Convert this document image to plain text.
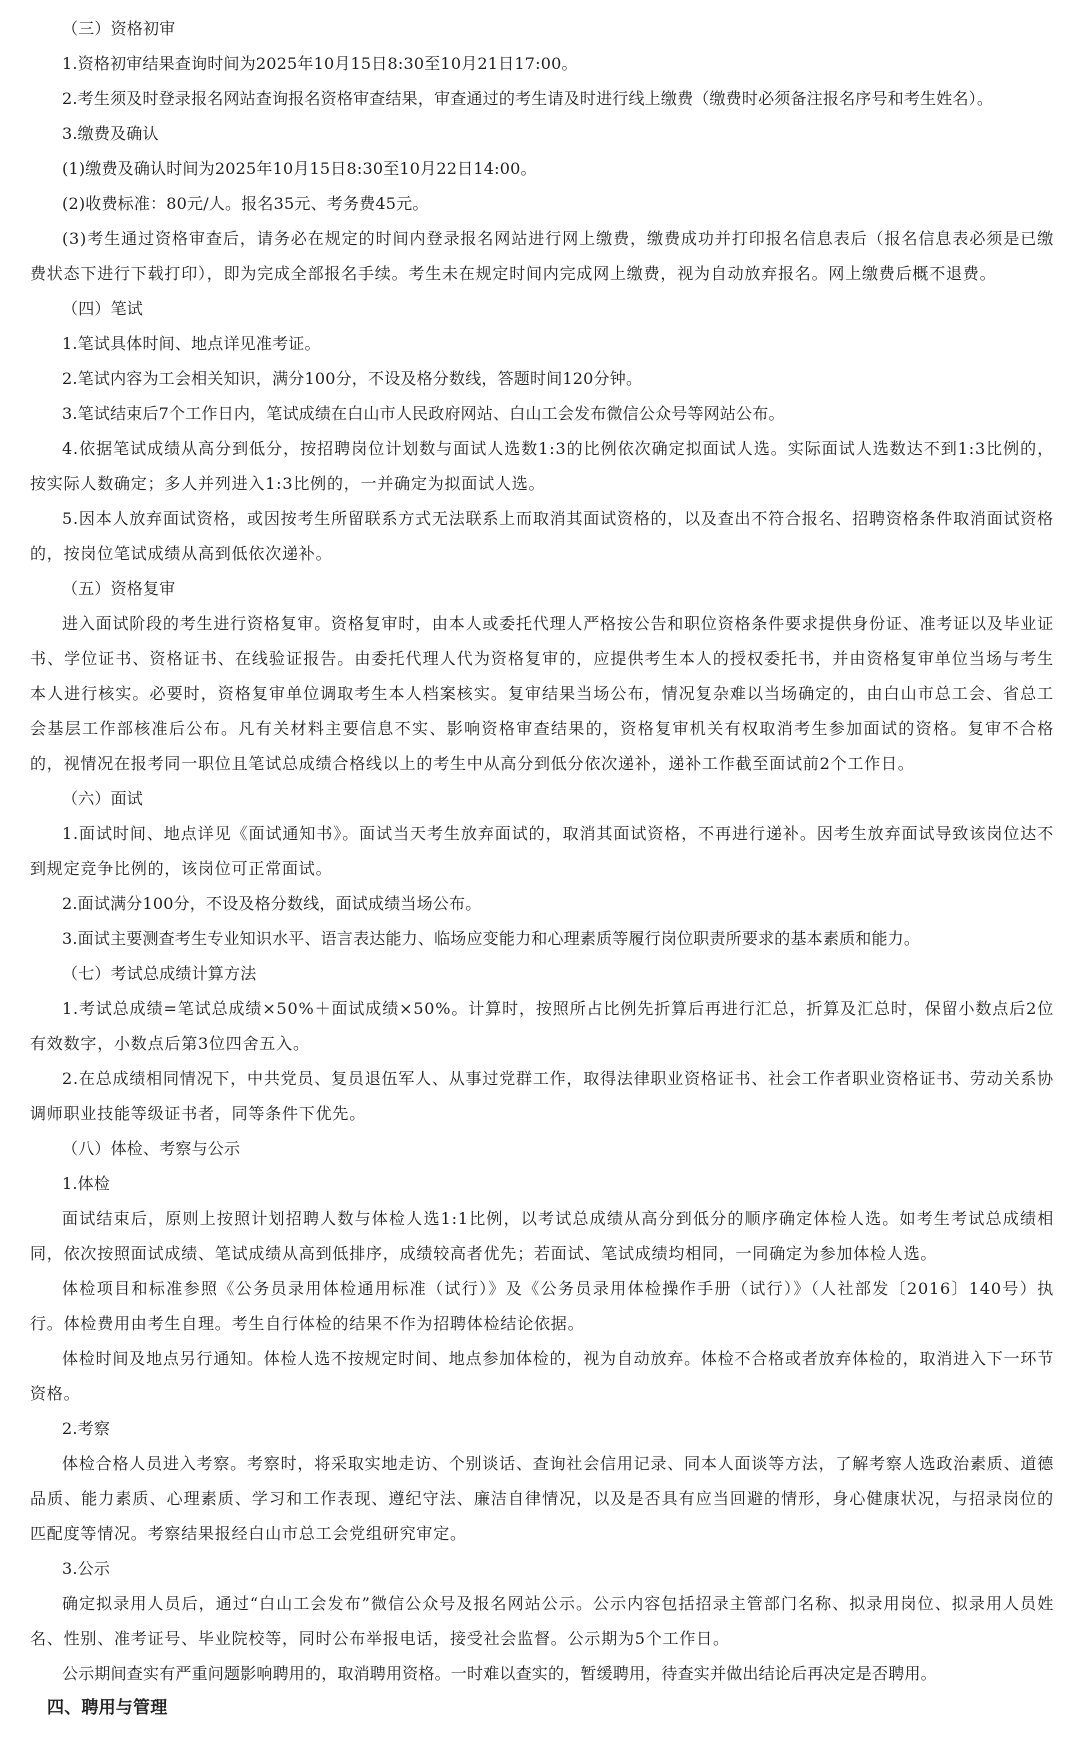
（三）资格初审

1.资格初审结果查询时间为2025年10月15日8:30至10月21日17:00。

2.考生须及时登录报名网站查询报名资格审查结果，审查通过的考生请及时进行线上缴费（缴费时必须备注报名序号和考生姓名）。

3.缴费及确认

(1)缴费及确认时间为2025年10月15日8:30至10月22日14:00。

(2)收费标准：80元/人。报名35元、考务费45元。

(3)考生通过资格审查后，请务必在规定的时间内登录报名网站进行网上缴费，缴费成功并打印报名信息表后（报名信息表必须是已缴费状态下进行下载打印），即为完成全部报名手续。考生未在规定时间内完成网上缴费，视为自动放弃报名。网上缴费后概不退费。

（四）笔试

1.笔试具体时间、地点详见准考证。

2.笔试内容为工会相关知识，满分100分，不设及格分数线，答题时间120分钟。

3.笔试结束后7个工作日内，笔试成绩在白山市人民政府网站、白山工会发布微信公众号等网站公布。

4.依据笔试成绩从高分到低分，按招聘岗位计划数与面试人选数1:3的比例依次确定拟面试人选。实际面试人选数达不到1:3比例的，按实际人数确定；多人并列进入1:3比例的，一并确定为拟面试人选。

5.因本人放弃面试资格，或因按考生所留联系方式无法联系上而取消其面试资格的，以及查出不符合报名、招聘资格条件取消面试资格的，按岗位笔试成绩从高到低依次递补。

（五）资格复审

进入面试阶段的考生进行资格复审。资格复审时，由本人或委托代理人严格按公告和职位资格条件要求提供身份证、准考证以及毕业证书、学位证书、资格证书、在线验证报告。由委托代理人代为资格复审的，应提供考生本人的授权委托书，并由资格复审单位当场与考生本人进行核实。必要时，资格复审单位调取考生本人档案核实。复审结果当场公布，情况复杂难以当场确定的，由白山市总工会、省总工会基层工作部核准后公布。凡有关材料主要信息不实、影响资格审查结果的，资格复审机关有权取消考生参加面试的资格。复审不合格的，视情况在报考同一职位且笔试总成绩合格线以上的考生中从高分到低分依次递补，递补工作截至面试前2个工作日。

（六）面试

1.面试时间、地点详见《面试通知书》。面试当天考生放弃面试的，取消其面试资格，不再进行递补。因考生放弃面试导致该岗位达不到规定竞争比例的，该岗位可正常面试。

2.面试满分100分，不设及格分数线，面试成绩当场公布。

3.面试主要测查考生专业知识水平、语言表达能力、临场应变能力和心理素质等履行岗位职责所要求的基本素质和能力。

（七）考试总成绩计算方法

1.考试总成绩=笔试总成绩×50%＋面试成绩×50%。计算时，按照所占比例先折算后再进行汇总，折算及汇总时，保留小数点后2位有效数字，小数点后第3位四舍五入。

2.在总成绩相同情况下，中共党员、复员退伍军人、从事过党群工作，取得法律职业资格证书、社会工作者职业资格证书、劳动关系协调师职业技能等级证书者，同等条件下优先。

（八）体检、考察与公示

1.体检

面试结束后，原则上按照计划招聘人数与体检人选1:1比例，以考试总成绩从高分到低分的顺序确定体检人选。如考生考试总成绩相同，依次按照面试成绩、笔试成绩从高到低排序，成绩较高者优先；若面试、笔试成绩均相同，一同确定为参加体检人选。

体检项目和标准参照《公务员录用体检通用标准（试行）》及《公务员录用体检操作手册（试行）》（人社部发〔2016〕140号）执行。体检费用由考生自理。考生自行体检的结果不作为招聘体检结论依据。

体检时间及地点另行通知。体检人选不按规定时间、地点参加体检的，视为自动放弃。体检不合格或者放弃体检的，取消进入下一环节资格。

2.考察

体检合格人员进入考察。考察时，将采取实地走访、个别谈话、查询社会信用记录、同本人面谈等方法，了解考察人选政治素质、道德品质、能力素质、心理素质、学习和工作表现、遵纪守法、廉洁自律情况，以及是否具有应当回避的情形，身心健康状况，与招录岗位的匹配度等情况。考察结果报经白山市总工会党组研究审定。

3.公示

确定拟录用人员后，通过“白山工会发布”微信公众号及报名网站公示。公示内容包括招录主管部门名称、拟录用岗位、拟录用人员姓名、性别、准考证号、毕业院校等，同时公布举报电话，接受社会监督。公示期为5个工作日。

公示期间查实有严重问题影响聘用的，取消聘用资格。一时难以查实的，暂缓聘用，待查实并做出结论后再决定是否聘用。

四、聘用与管理
